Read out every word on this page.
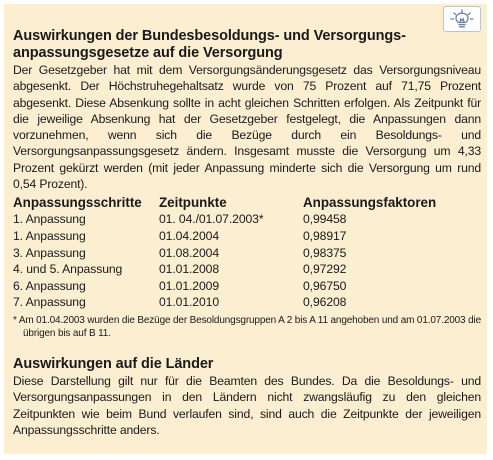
Auswirkungen der Bundesbesoldungs- und Versorgungs-
anpassungsgesetze auf die Versorgung

Der Gesetzgeber hat mit dem Versorgungsänderungsgesetz das Versorgungsniveau abgesenkt. Der Höchstruhegehaltsatz wurde von 75 Prozent auf 71,75 Prozent abgesenkt. Diese Absenkung sollte in acht gleichen Schritten erfolgen. Als Zeitpunkt für die jeweilige Absenkung hat der Gesetzgeber festgelegt, die Anpassungen dann vorzunehmen, wenn sich die Bezüge durch ein Besoldungs- und Versorgungsanpassungsgesetz ändern. Insgesamt musste die Versorgung um 4,33 Prozent gekürzt werden (mit jeder Anpassung minderte sich die Versorgung um rund 0,54 Prozent).

Anpassungsschritte	Zeitpunkte	Anpassungsfaktoren
1. Anpassung	01. 04./01.07.2003*	0,99458
1. Anpassung	01.04.2004	0,98917
3. Anpassung	01.08.2004	0,98375
4. und 5. Anpassung	01.01.2008	0,97292
6. Anpassung	01.01.2009	0,96750
7. Anpassung	01.01.2010	0,96208

* Am 01.04.2003 wurden die Bezüge der Besoldungsgruppen A 2 bis A 11 angehoben und am 01.07.2003 die übrigen bis auf B 11.

Auswirkungen auf die Länder

Diese Darstellung gilt nur für die Beamten des Bundes. Da die Besoldungs- und Versorgungsanpassungen in den Ländern nicht zwangsläufig zu den gleichen Zeitpunkten wie beim Bund verlaufen sind, sind auch die Zeitpunkte der jeweiligen Anpassungsschritte anders.
